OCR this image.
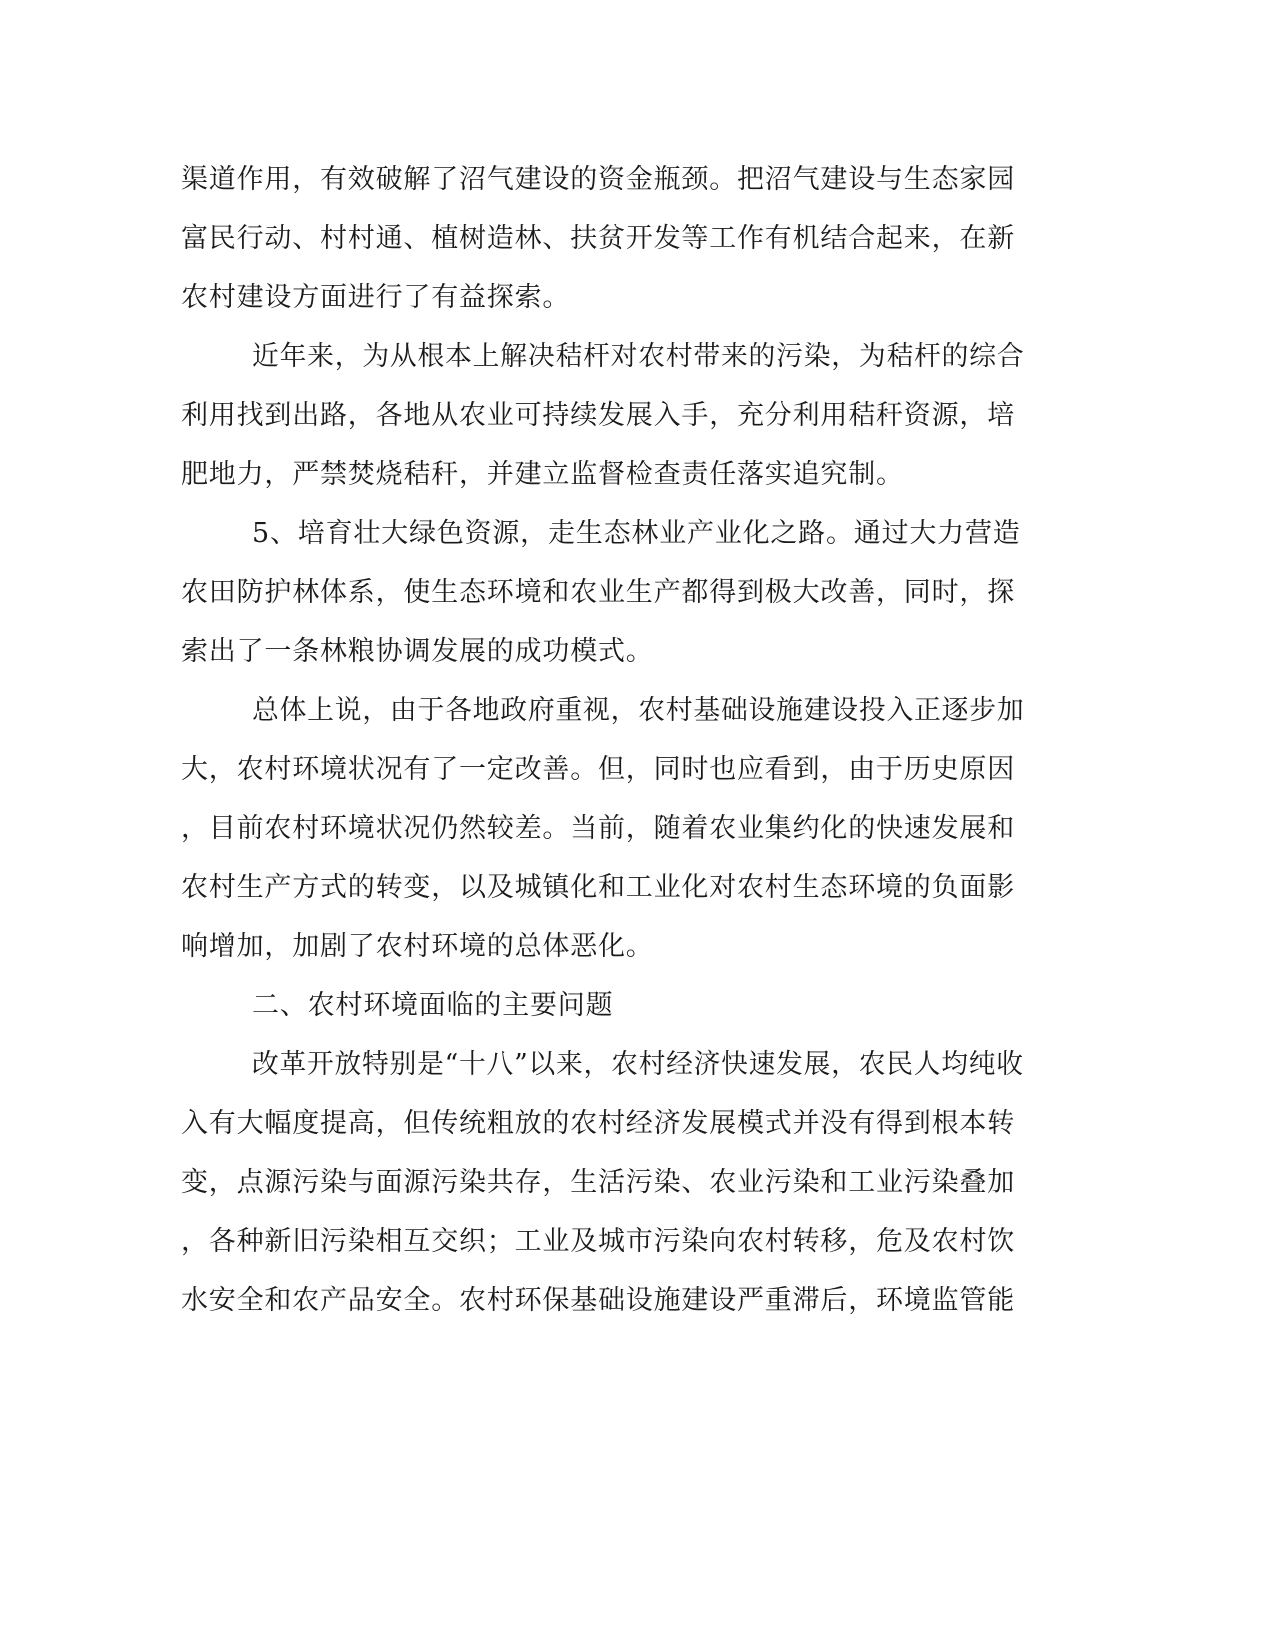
渠道作用，有效破解了沼气建设的资金瓶颈。把沼气建设与生态家园
富民行动、村村通、植树造林、扶贫开发等工作有机结合起来，在新
农村建设方面进行了有益探索。
近年来，为从根本上解决秸杆对农村带来的污染，为秸杆的综合
利用找到出路，各地从农业可持续发展入手，充分利用秸秆资源，培
肥地力，严禁焚烧秸秆，并建立监督检查责任落实追究制。
5、培育壮大绿色资源，走生态林业产业化之路。通过大力营造
农田防护林体系，使生态环境和农业生产都得到极大改善，同时，探
索出了一条林粮协调发展的成功模式。
总体上说，由于各地政府重视，农村基础设施建设投入正逐步加
大，农村环境状况有了一定改善。但，同时也应看到，由于历史原因
，目前农村环境状况仍然较差。当前，随着农业集约化的快速发展和
农村生产方式的转变，以及城镇化和工业化对农村生态环境的负面影
响增加，加剧了农村环境的总体恶化。
二、农村环境面临的主要问题
改革开放特别是“十八”以来，农村经济快速发展，农民人均纯收
入有大幅度提高，但传统粗放的农村经济发展模式并没有得到根本转
变，点源污染与面源污染共存，生活污染、农业污染和工业污染叠加
，各种新旧污染相互交织；工业及城市污染向农村转移，危及农村饮
水安全和农产品安全。农村环保基础设施建设严重滞后，环境监管能
